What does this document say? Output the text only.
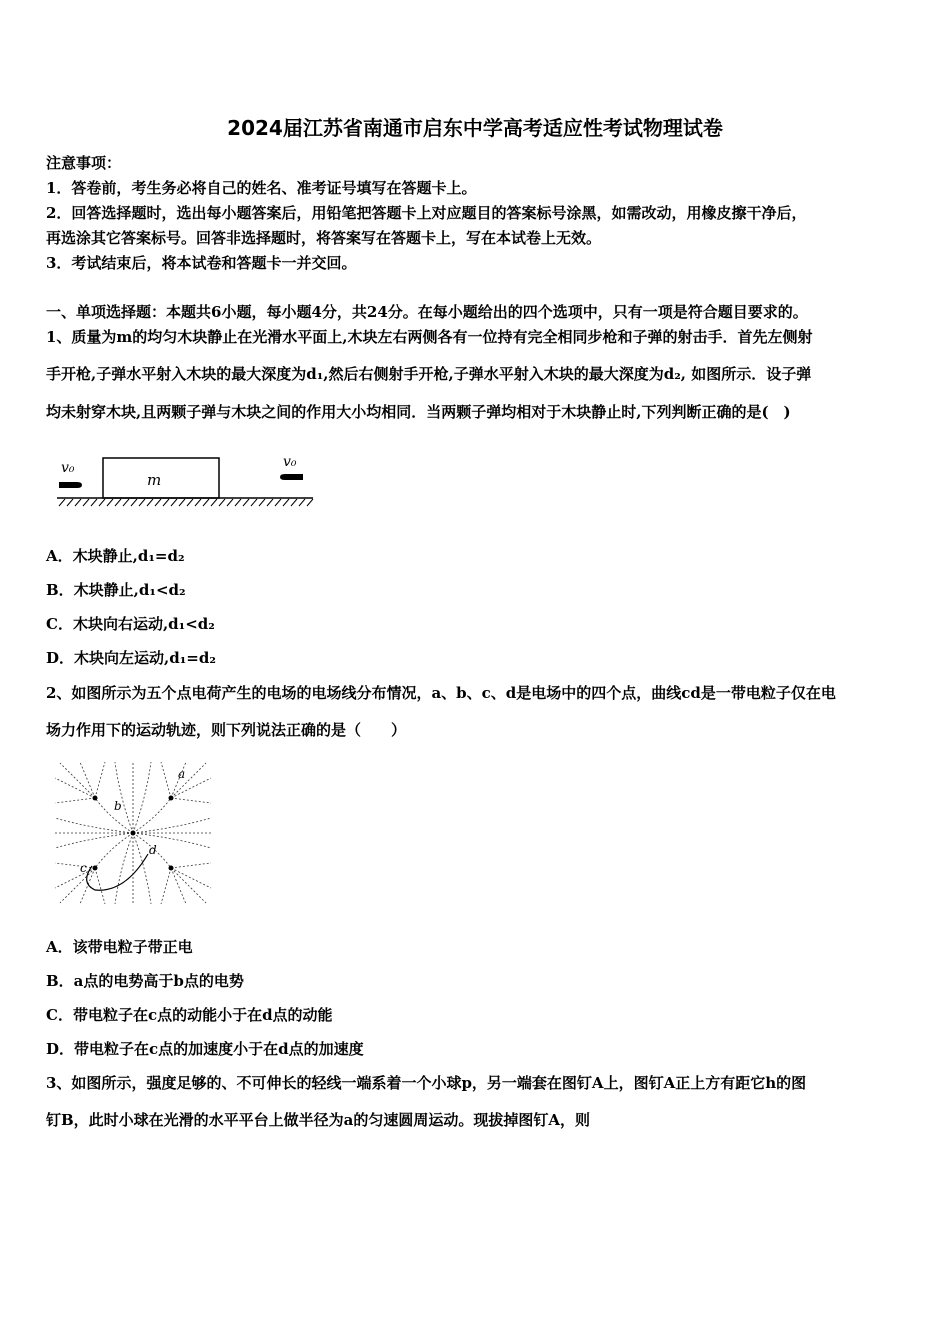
2024届江苏省南通市启东中学高考适应性考试物理试卷
注意事项：
1．答卷前，考生务必将自己的姓名、准考证号填写在答题卡上。
2．回答选择题时，选出每小题答案后，用铅笔把答题卡上对应题目的答案标号涂黑，如需改动，用橡皮擦干净后，
再选涂其它答案标号。回答非选择题时，将答案写在答题卡上，写在本试卷上无效。
3．考试结束后，将本试卷和答题卡一并交回。
一、单项选择题：本题共6小题，每小题4分，共24分。在每小题给出的四个选项中，只有一项是符合题目要求的。
1、质量为m的均匀木块静止在光滑水平面上,木块左右两侧各有一位持有完全相同步枪和子弹的射击手．首先左侧射
手开枪,子弹水平射入木块的最大深度为d₁,然后右侧射手开枪,子弹水平射入木块的最大深度为d₂, 如图所示．设子弹
均未射穿木块,且两颗子弹与木块之间的作用大小均相同．当两颗子弹均相对于木块静止时,下列判断正确的是(　)
m
v₀	v₀
A．木块静止,d₁=d₂
B．木块静止,d₁<d₂
C．木块向右运动,d₁<d₂
D．木块向左运动,d₁=d₂
2、如图所示为五个点电荷产生的电场的电场线分布情况，a、b、c、d是电场中的四个点，曲线cd是一带电粒子仅在电
场力作用下的运动轨迹，则下列说法正确的是（　　）
a
b
c
d
A．该带电粒子带正电
B．a点的电势高于b点的电势
C．带电粒子在c点的动能小于在d点的动能
D．带电粒子在c点的加速度小于在d点的加速度
3、如图所示，强度足够的、不可伸长的轻线一端系着一个小球p，另一端套在图钉A上，图钉A正上方有距它h的图
钉B，此时小球在光滑的水平平台上做半径为a的匀速圆周运动。现拔掉图钉A，则
